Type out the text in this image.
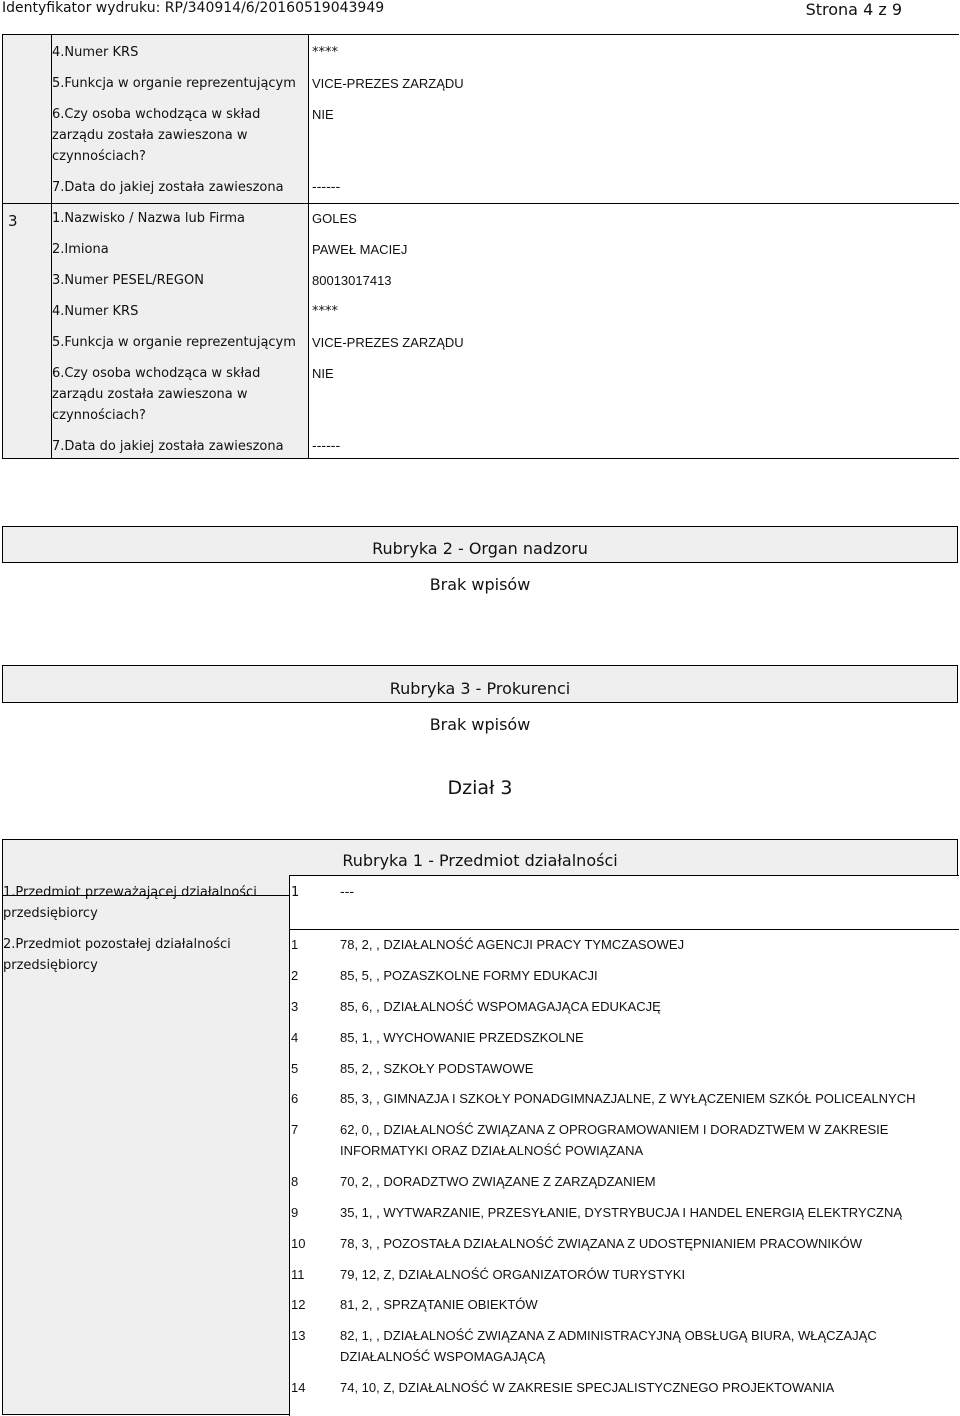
Identyfikator wydruku: RP/340914/6/20160519043949	Strona 4 z 9
4.Numer KRS	****
5.Funkcja w organie reprezentującym VICE-PREZES ZARZĄDU
6.Czy osoba wchodząca w skład
zarządu została zawieszona w
czynnościach?
NIE
7.Data do jakiej została zawieszona ------
3	1.Nazwisko / Nazwa lub Firma	GOLES
2.Imiona	PAWEŁ MACIEJ
3.Numer PESEL/REGON	80013017413
4.Numer KRS	****
5.Funkcja w organie reprezentującym VICE-PREZES ZARZĄDU
6.Czy osoba wchodząca w skład
zarządu została zawieszona w
czynnościach?
NIE
7.Data do jakiej została zawieszona ------
Rubryka 2 - Organ nadzoru
Brak wpisów
Rubryka 3 - Prokurenci
Brak wpisów
Dział 3
Rubryka 1 - Przedmiot działalności
1.Przedmiot przeważającej działalności
przedsiębiorcy
1	---
2.Przedmiot pozostałej działalności
przedsiębiorcy
1	78, 2, , DZIAŁALNOŚĆ AGENCJI PRACY TYMCZASOWEJ
2	85, 5, , POZASZKOLNE FORMY EDUKACJI
3	85, 6, , DZIAŁALNOŚĆ WSPOMAGAJĄCA EDUKACJĘ
4	85, 1, , WYCHOWANIE PRZEDSZKOLNE
5	85, 2, , SZKOŁY PODSTAWOWE
6	85, 3, , GIMNAZJA I SZKOŁY PONADGIMNAZJALNE, Z WYŁĄCZENIEM SZKÓŁ POLICEALNYCH
7	62, 0, , DZIAŁALNOŚĆ ZWIĄZANA Z OPROGRAMOWANIEM I DORADZTWEM W ZAKRESIE
INFORMATYKI ORAZ DZIAŁALNOŚĆ POWIĄZANA
8	70, 2, , DORADZTWO ZWIĄZANE Z ZARZĄDZANIEM
9	35, 1, , WYTWARZANIE, PRZESYŁANIE, DYSTRYBUCJA I HANDEL ENERGIĄ ELEKTRYCZNĄ
10	78, 3, , POZOSTAŁA DZIAŁALNOŚĆ ZWIĄZANA Z UDOSTĘPNIANIEM PRACOWNIKÓW
11	79, 12, Z, DZIAŁALNOŚĆ ORGANIZATORÓW TURYSTYKI
12	81, 2, , SPRZĄTANIE OBIEKTÓW
13	82, 1, , DZIAŁALNOŚĆ ZWIĄZANA Z ADMINISTRACYJNĄ OBSŁUGĄ BIURA, WŁĄCZAJĄC
DZIAŁALNOŚĆ WSPOMAGAJĄCĄ
14	74, 10, Z, DZIAŁALNOŚĆ W ZAKRESIE SPECJALISTYCZNEGO PROJEKTOWANIA
